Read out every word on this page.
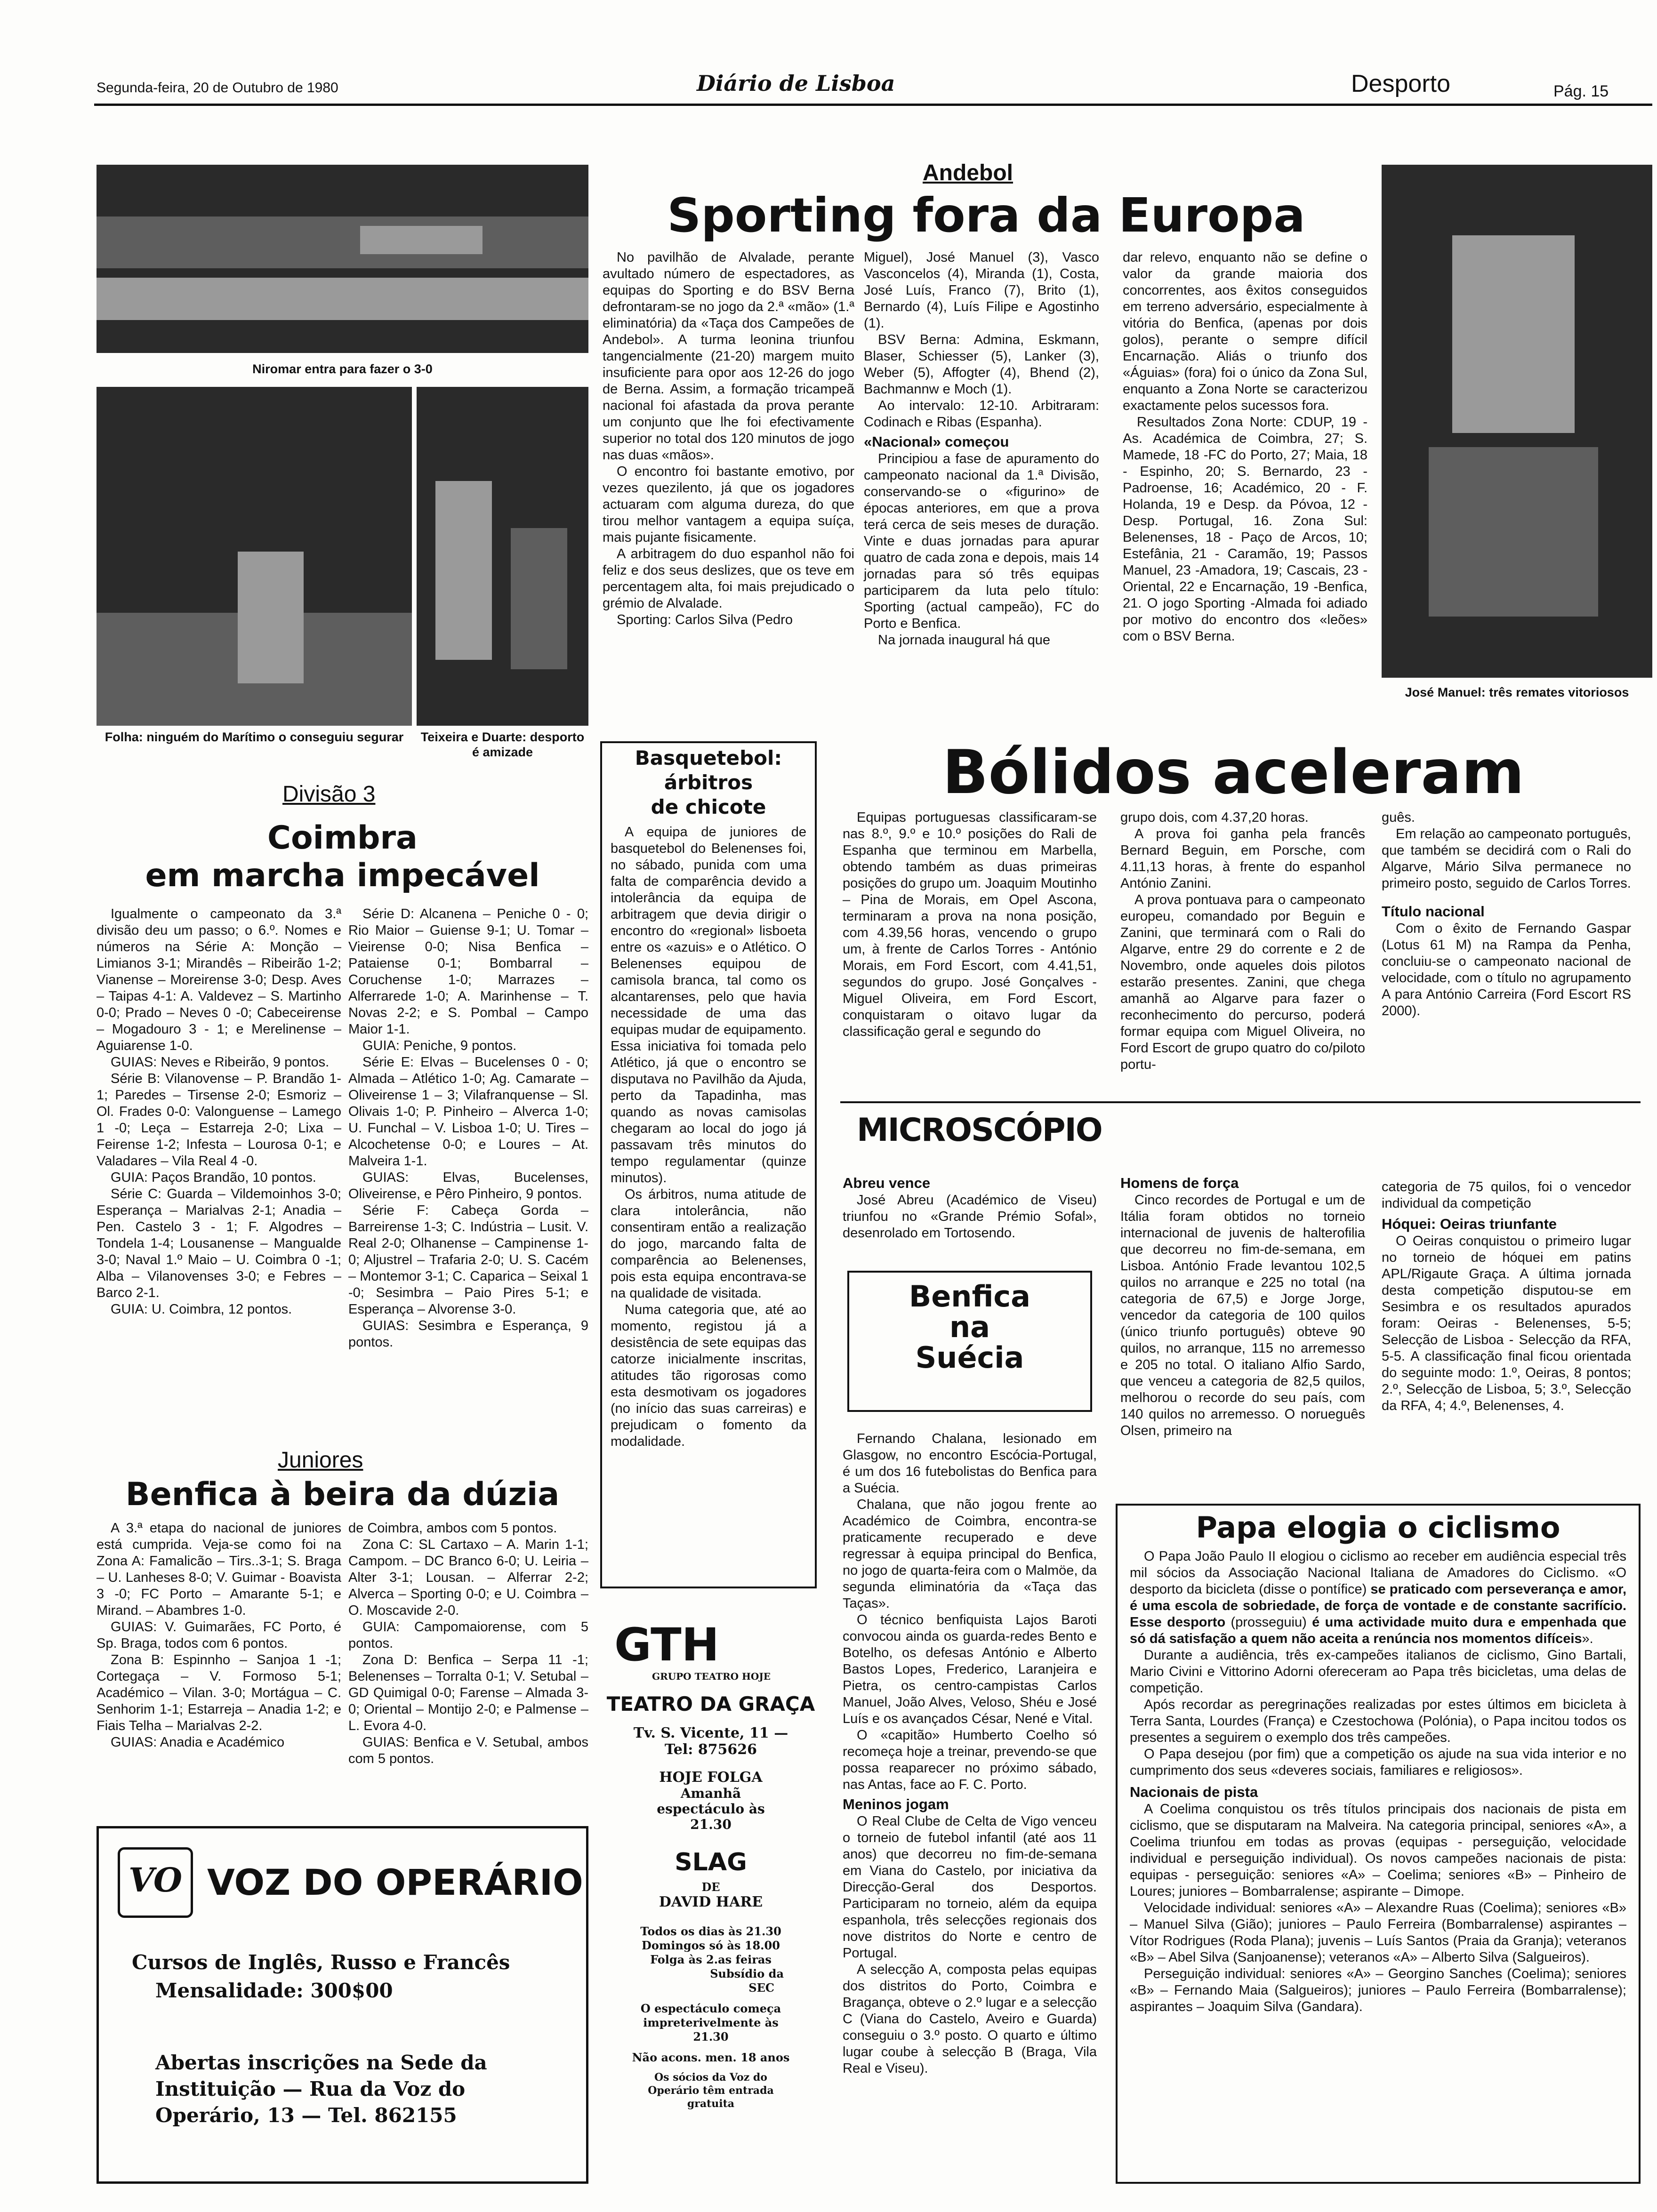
Segunda-feira, 20 de Outubro de 1980	Diário de Lisboa	Desporto	Pág. 15
Niromar entra para fazer o 3-0
Folha: ninguém do Marítimo o conseguiu segurar	Teixeira e Duarte: desporto é amizade
Andebol
Sporting fora da Europa

No pavilhão de Alvalade, perante avultado número de espectadores, as equipas do Sporting e do BSV Berna defrontaram-se no jogo da 2.ª «mão» (1.ª eliminatória) da «Taça dos Campeões de Andebol». A turma leonina triunfou tangencialmente (21-20) margem muito insuficiente para opor aos 12-26 do jogo de Berna. Assim, a formação tricampeã nacional foi afastada da prova perante um conjunto que lhe foi efectivamente superior no total dos 120 minutos de jogo nas duas «mãos».

O encontro foi bastante emotivo, por vezes quezilento, já que os jogadores actuaram com alguma dureza, do que tirou melhor vantagem a equipa suíça, mais pujante fisicamente.

A arbitragem do duo espanhol não foi feliz e dos seus deslizes, que os teve em percentagem alta, foi mais prejudicado o grémio de Alvalade.

Sporting: Carlos Silva (Pedro

Miguel), José Manuel (3), Vasco Vasconcelos (4), Miranda (1), Costa, José Luís, Franco (7), Brito (1), Bernardo (4), Luís Filipe e Agostinho (1).

BSV Berna: Admina, Eskmann, Blaser, Schiesser (5), Lanker (3), Weber (5), Affogter (4), Bhend (2), Bachmannw e Moch (1).

Ao intervalo: 12-10. Arbitraram: Codinach e Ribas (Espanha).

«Nacional» começou

Principiou a fase de apuramento do campeonato nacional da 1.ª Divisão, conservando-se o «figurino» de épocas anteriores, em que a prova terá cerca de seis meses de duração. Vinte e duas jornadas para apurar quatro de cada zona e depois, mais 14 jornadas para só três equipas participarem da luta pelo título: Sporting (actual campeão), FC do Porto e Benfica.

Na jornada inaugural há que

dar relevo, enquanto não se define o valor da grande maioria dos concorrentes, aos êxitos conseguidos em terreno adversário, especialmente à vitória do Benfica, (apenas por dois golos), perante o sempre difícil Encarnação. Aliás o triunfo dos «Águias» (fora) foi o único da Zona Sul, enquanto a Zona Norte se caracterizou exactamente pelos sucessos fora.

Resultados Zona Norte: CDUP, 19 - As. Académica de Coimbra, 27; S. Mamede, 18 -FC do Porto, 27; Maia, 18 - Espinho, 20; S. Bernardo, 23 - Padroense, 16; Académico, 20 - F. Holanda, 19 e Desp. da Póvoa, 12 - Desp. Portugal, 16. Zona Sul: Belenenses, 18 - Paço de Arcos, 10; Estefânia, 21 - Caramão, 19; Passos Manuel, 23 -Amadora, 19; Cascais, 23 -Oriental, 22 e Encarnação, 19 -Benfica, 21. O jogo Sporting -Almada foi adiado por motivo do encontro dos «leões» com o BSV Berna.

José Manuel: três remates vitoriosos
Divisão 3
Coimbra
em marcha impecável

Igualmente o campeonato da 3.ª divisão deu um passo; o 6.º. Nomes e números na Série A: Monção – Limianos 3-1; Mirandês – Ribeirão 1-2; Vianense – Moreirense 3-0; Desp. Aves – Taipas 4-1: A. Valdevez – S. Martinho 0-0; Prado – Neves 0 -0; Cabeceirense – Mogadouro 3 - 1; e Merelinense – Aguiarense 1-0.

GUIAS: Neves e Ribeirão, 9 pontos.

Série B: Vilanovense – P. Brandão 1-1; Paredes – Tirsense 2-0; Esmoriz – Ol. Frades 0-0: Valonguense – Lamego 1 -0; Leça – Estarreja 2-0; Lixa – Feirense 1-2; Infesta – Lourosa 0-1; e Valadares – Vila Real 4 -0.

GUIA: Paços Brandão, 10 pontos.

Série C: Guarda – Vildemoinhos 3-0; Esperança – Marialvas 2-1; Anadia – Pen. Castelo 3 - 1; F. Algodres – Tondela 1-4; Lousanense – Mangualde 3-0; Naval 1.º Maio – U. Coimbra 0 -1; Alba – Vilanovenses 3-0; e Febres – Barco 2-1.

GUIA: U. Coimbra, 12 pontos.

Série D: Alcanena – Peniche 0 - 0; Rio Maior – Guiense 9-1; U. Tomar – Vieirense 0-0; Nisa Benfica – Pataiense 0-1; Bombarral – Coruchense 1-0; Marrazes – Alferrarede 1-0; A. Marinhense – T. Novas 2-2; e S. Pombal – Campo Maior 1-1.

GUIA: Peniche, 9 pontos.

Série E: Elvas – Bucelenses 0 - 0; Almada – Atlético 1-0; Ag. Camarate – Oliveirense 1 – 3; Vilafranquense – Sl. Olivais 1-0; P. Pinheiro – Alverca 1-0; U. Funchal – V. Lisboa 1-0; U. Tires – Alcochetense 0-0; e Loures – At. Malveira 1-1.

GUIAS: Elvas, Bucelenses, Oliveirense, e Pêro Pinheiro, 9 pontos.

Série F: Cabeça Gorda – Barreirense 1-3; C. Indústria – Lusit. V. Real 2-0; Olhanense – Campinense 1-0; Aljustrel – Trafaria 2-0; U. S. Cacém – Montemor 3-1; C. Caparica – Seixal 1 -0; Sesimbra – Paio Pires 5-1; e Esperança – Alvorense 3-0.

GUIAS: Sesimbra e Esperança, 9 pontos.

Juniores
Benfica à beira da dúzia

A 3.ª etapa do nacional de juniores está cumprida. Veja-se como foi na Zona A: Famalicão – Tirs..3-1; S. Braga – U. Lanheses 8-0; V. Guimar - Boavista 3 -0; FC Porto – Amarante 5-1; e Mirand. – Abambres 1-0.

GUIAS: V. Guimarães, FC Porto, é Sp. Braga, todos com 6 pontos.

Zona B: Espinnho – Sanjoa 1 -1; Cortegaça – V. Formoso 5-1; Académico – Vilan. 3-0; Mortágua – C. Senhorim 1-1; Estarreja – Anadia 1-2; e Fiais Telha – Marialvas 2-2.

GUIAS: Anadia e Académico

de Coimbra, ambos com 5 pontos.

Zona C: SL Cartaxo – A. Marin 1-1; Campom. – DC Branco 6-0; U. Leiria – Alter 3-1; Lousan. – Alferrar 2-2; Alverca – Sporting 0-0; e U. Coimbra – O. Moscavide 2-0.

GUIA: Campomaiorense, com 5 pontos.

Zona D: Benfica – Serpa 11 -1; Belenenses – Torralta 0-1; V. Setubal – GD Quimigal 0-0; Farense – Almada 3-0; Oriental – Montijo 2-0; e Palmense – L. Evora 4-0.

GUIAS: Benfica e V. Setubal, ambos com 5 pontos.

VO VOZ DO OPERÁRIO
Cursos de Inglês, Russo e Francês
Mensalidade: 300$00
Abertas inscrições na Sede da Instituição — Rua da Voz do Operário, 13 — Tel. 862155
Basquetebol:
árbitros
de chicote

A equipa de juniores de basquetebol do Belenenses foi, no sábado, punida com uma falta de comparência devido a intolerância da equipa de arbitragem que devia dirigir o encontro do «regional» lisboeta entre os «azuis» e o Atlético. O Belenenses equipou de camisola branca, tal como os alcantarenses, pelo que havia necessidade de uma das equipas mudar de equipamento. Essa iniciativa foi tomada pelo Atlético, já que o encontro se disputava no Pavilhão da Ajuda, perto da Tapadinha, mas quando as novas camisolas chegaram ao local do jogo já passavam três minutos do tempo regulamentar (quinze minutos).

Os árbitros, numa atitude de clara intolerância, não consentiram então a realização do jogo, marcando falta de comparência ao Belenenses, pois esta equipa encontrava-se na qualidade de visitada.

Numa categoria que, até ao momento, registou já a desistência de sete equipas das catorze inicialmente inscritas, atitudes tão rigorosas como esta desmotivam os jogadores (no início das suas carreiras) e prejudicam o fomento da modalidade.

GTH
GRUPO TEATRO HOJE
TEATRO DA GRAÇA
Tv. S. Vicente, 11 —
Tel: 875626
HOJE FOLGA
Amanhã espectáculo às 21.30
SLAG
DE
DAVID HARE
Todos os dias às 21.30
Domingos só às 18.00
Folga às 2.as feiras
Subsídio da
SEC
O espectáculo começa impreterivelmente às 21.30
Não acons. men. 18 anos
Os sócios da Voz do Operário têm entrada gratuita
Bólidos aceleram

Equipas portuguesas classificaram-se nas 8.º, 9.º e 10.º posições do Rali de Espanha que terminou em Marbella, obtendo também as duas primeiras posições do grupo um. Joaquim Moutinho – Pina de Morais, em Opel Ascona, terminaram a prova na nona posição, com 4.39,56 horas, vencendo o grupo um, à frente de Carlos Torres - António Morais, em Ford Escort, com 4.41,51, segundos do grupo. José Gonçalves - Miguel Oliveira, em Ford Escort, conquistaram o oitavo lugar da classificação geral e segundo do

grupo dois, com 4.37,20 horas.

A prova foi ganha pela francês Bernard Beguin, em Porsche, com 4.11,13 horas, à frente do espanhol António Zanini.

A prova pontuava para o campeonato europeu, comandado por Beguin e Zanini, que terminará com o Rali do Algarve, entre 29 do corrente e 2 de Novembro, onde aqueles dois pilotos estarão presentes. Zanini, que chega amanhã ao Algarve para fazer o reconhecimento do percurso, poderá formar equipa com Miguel Oliveira, no Ford Escort de grupo quatro do co/piloto portu-

guês.

Em relação ao campeonato português, que também se decidirá com o Rali do Algarve, Mário Silva permanece no primeiro posto, seguido de Carlos Torres.

Título nacional

Com o êxito de Fernando Gaspar (Lotus 61 M) na Rampa da Penha, concluiu-se o campeonato nacional de velocidade, com o título no agrupamento A para António Carreira (Ford Escort RS 2000).

MICROSCÓPIO
Abreu vence

José Abreu (Académico de Viseu) triunfou no «Grande Prémio Sofal», desenrolado em Tortosendo.

Homens de força

Cinco recordes de Portugal e um de Itália foram obtidos no torneio internacional de juvenis de halterofilia que decorreu no fim-de-semana, em Lisboa. António Frade levantou 102,5 quilos no arranque e 225 no total (na categoria de 67,5) e Jorge Jorge, vencedor da categoria de 100 quilos (único triunfo português) obteve 90 quilos, no arranque, 115 no arremesso e 205 no total. O italiano Alfio Sardo, que venceu a categoria de 82,5 quilos, melhorou o recorde do seu país, com 140 quilos no arremesso. O norueguês Olsen, primeiro na

categoria de 75 quilos, foi o vencedor individual da competição

Hóquei: Oeiras triunfante

O Oeiras conquistou o primeiro lugar no torneio de hóquei em patins APL/Rigaute Graça. A última jornada desta competição disputou-se em Sesimbra e os resultados apurados foram: Oeiras - Belenenses, 5-5; Selecção de Lisboa - Selecção da RFA, 5-5. A classificação final ficou orientada do seguinte modo: 1.º, Oeiras, 8 pontos; 2.º, Selecção de Lisboa, 5; 3.º, Selecção da RFA, 4; 4.º, Belenenses, 4.

Benfica
na
Suécia

Fernando Chalana, lesionado em Glasgow, no encontro Escócia-Portugal, é um dos 16 futebolistas do Benfica para a Suécia.

Chalana, que não jogou frente ao Académico de Coimbra, encontra-se praticamente recuperado e deve regressar à equipa principal do Benfica, no jogo de quarta-feira com o Malmöe, da segunda eliminatória da «Taça das Taças».

O técnico benfiquista Lajos Baroti convocou ainda os guarda-redes Bento e Botelho, os defesas António e Alberto Bastos Lopes, Frederico, Laranjeira e Pietra, os centro-campistas Carlos Manuel, João Alves, Veloso, Shéu e José Luís e os avançados César, Nené e Vital.

O «capitão» Humberto Coelho só recomeça hoje a treinar, prevendo-se que possa reaparecer no próximo sábado, nas Antas, face ao F. C. Porto.

Meninos jogam

O Real Clube de Celta de Vigo venceu o torneio de futebol infantil (até aos 11 anos) que decorreu no fim-de-semana em Viana do Castelo, por iniciativa da Direcção-Geral dos Desportos. Participaram no torneio, além da equipa espanhola, três selecções regionais dos nove distritos do Norte e centro de Portugal.

A selecção A, composta pelas equipas dos distritos do Porto, Coimbra e Bragança, obteve o 2.º lugar e a selecção C (Viana do Castelo, Aveiro e Guarda) conseguiu o 3.º posto. O quarto e último lugar coube à selecção B (Braga, Vila Real e Viseu).

Papa elogia o ciclismo

O Papa João Paulo II elogiou o ciclismo ao receber em audiência especial três mil sócios da Associação Nacional Italiana de Amadores do Ciclismo. «O desporto da bicicleta (disse o pontífice) se praticado com perseverança e amor, é uma escola de sobriedade, de força de vontade e de constante sacrifício. Esse desporto (prosseguiu) é uma actividade muito dura e empenhada que só dá satisfação a quem não aceita a renúncia nos momentos difíceis».

Durante a audiência, três ex-campeões italianos de ciclismo, Gino Bartali, Mario Civini e Vittorino Adorni ofereceram ao Papa três bicicletas, uma delas de competição.

Após recordar as peregrinações realizadas por estes últimos em bicicleta à Terra Santa, Lourdes (França) e Czestochowa (Polónia), o Papa incitou todos os presentes a seguirem o exemplo dos três campeões.

O Papa desejou (por fim) que a competição os ajude na sua vida interior e no cumprimento dos seus «deveres sociais, familiares e religiosos».

Nacionais de pista

A Coelima conquistou os três títulos principais dos nacionais de pista em ciclismo, que se disputaram na Malveira. Na categoria principal, seniores «A», a Coelima triunfou em todas as provas (equipas - perseguição, velocidade individual e perseguição individual). Os novos campeões nacionais de pista: equipas - perseguição: seniores «A» – Coelima; seniores «B» – Pinheiro de Loures; juniores – Bombarralense; aspirante – Dimope.

Velocidade individual: seniores «A» – Alexandre Ruas (Coelima); seniores «B» – Manuel Silva (Gião); juniores – Paulo Ferreira (Bombarralense) aspirantes – Vítor Rodrigues (Roda Plana); juvenis – Luís Santos (Praia da Granja); veteranos «B» – Abel Silva (Sanjoanense); veteranos «A» – Alberto Silva (Salgueiros).

Perseguição individual: seniores «A» – Georgino Sanches (Coelima); seniores «B» – Fernando Maia (Salgueiros); juniores – Paulo Ferreira (Bombarralense); aspirantes – Joaquim Silva (Gandara).
